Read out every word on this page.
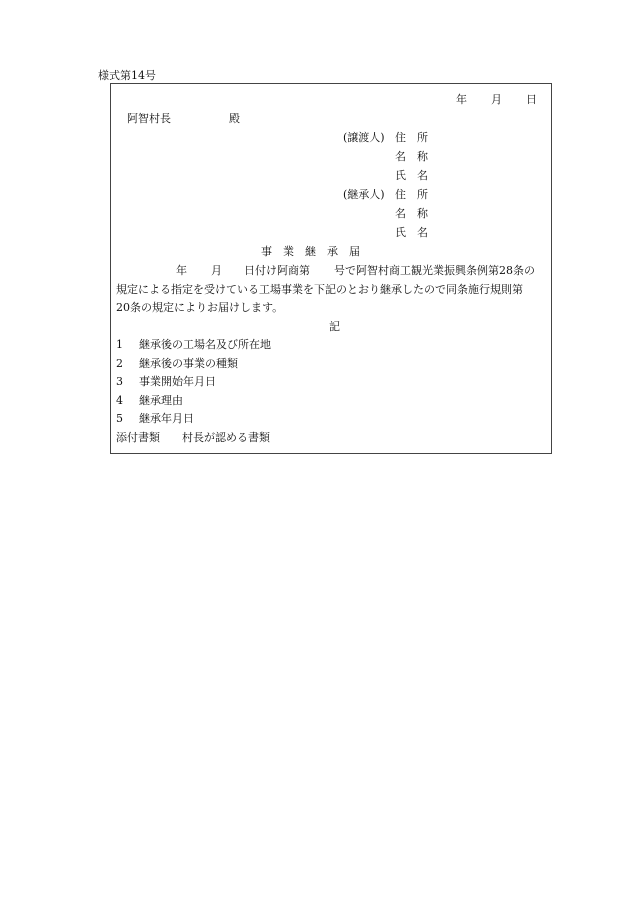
様式第14号
年 月 日
阿智村長	殿
(譲渡人) 住　所
名　称
氏　名
(継承人) 住　所
名　称
氏　名
事　業　継　承　届

年 月 日付け阿商第 号で阿智村商工観光業振興条例第28条の

規定による指定を受けている工場事業を下記のとおり継承したので同条施行規則第

20条の規定によりお届けします。

記
1 継承後の工場名及び所在地
2 継承後の事業の種類
3 事業開始年月日
4 継承理由
5 継承年月日
添付書類 村長が認める書類
